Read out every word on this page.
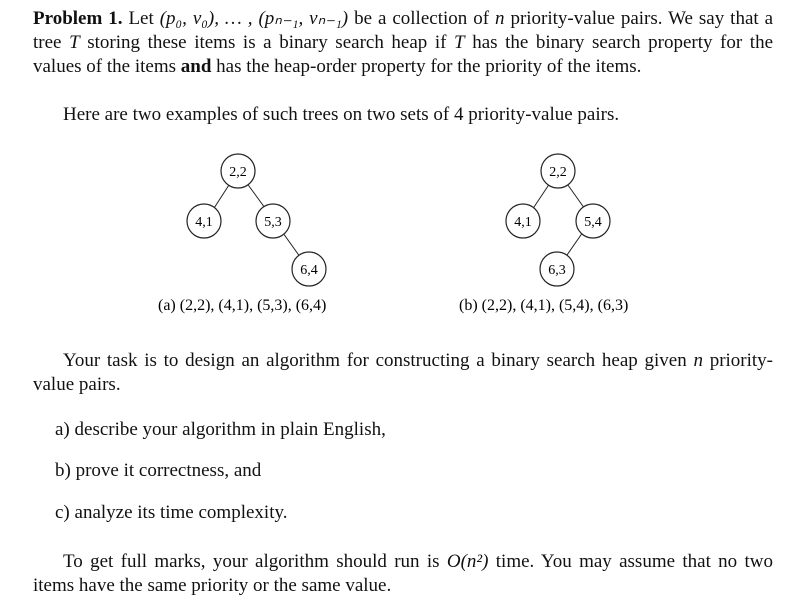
Problem 1. Let (p₀, v₀), … , (pₙ₋₁, vₙ₋₁) be a collection of n priority-value pairs. We say that a tree T storing these items is a binary search heap if T has the binary search property for the values of the items and has the heap-order property for the priority of the items.
Here are two examples of such trees on two sets of 4 priority-value pairs.
2,2
4,1	5,3
6,4
(a) (2,2), (4,1), (5,3), (6,4)
2,2
4,1	5,4
6,3
(b) (2,2), (4,1), (5,4), (6,3)
Your task is to design an algorithm for constructing a binary search heap given n priority-value pairs.
a) describe your algorithm in plain English,
b) prove it correctness, and
c) analyze its time complexity.
To get full marks, your algorithm should run is O(n²) time. You may assume that no two items have the same priority or the same value.
